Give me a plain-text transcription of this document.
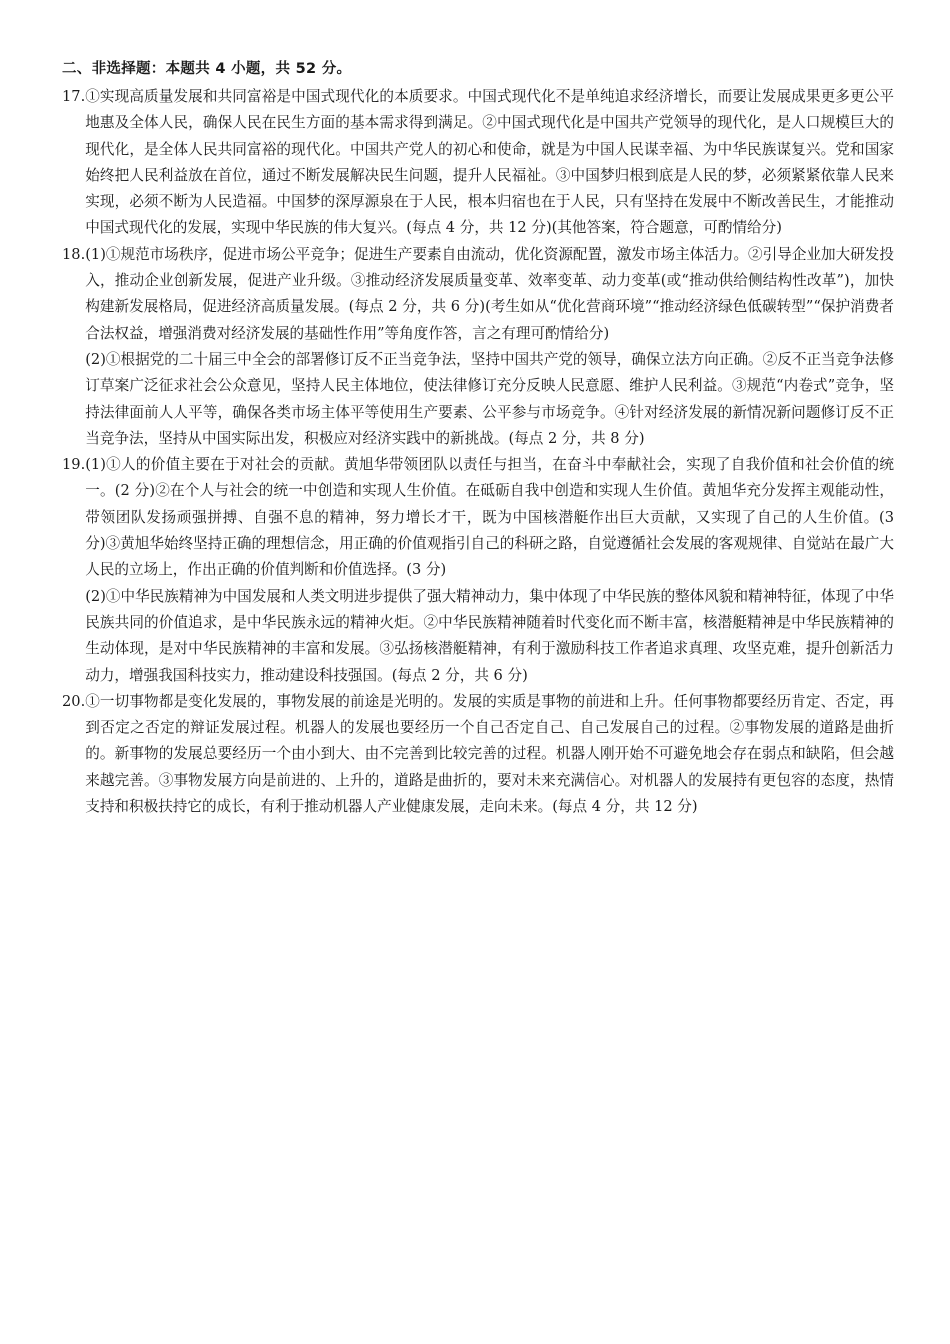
二、非选择题：本题共 4 小题，共 52 分。
17. ①实现高质量发展和共同富裕是中国式现代化的本质要求。中国式现代化不是单纯追求经济增长，而要让发展成果更多更公平地惠及全体人民，确保人民在民生方面的基本需求得到满足。②中国式现代化是中国共产党领导的现代化，是人口规模巨大的现代化，是全体人民共同富裕的现代化。中国共产党人的初心和使命，就是为中国人民谋幸福、为中华民族谋复兴。党和国家始终把人民利益放在首位，通过不断发展解决民生问题，提升人民福祉。③中国梦归根到底是人民的梦，必须紧紧依靠人民来实现，必须不断为人民造福。中国梦的深厚源泉在于人民，根本归宿也在于人民，只有坚持在发展中不断改善民生，才能推动中国式现代化的发展，实现中华民族的伟大复兴。(每点 4 分，共 12 分)(其他答案，符合题意，可酌情给分)

18. (1)①规范市场秩序，促进市场公平竞争；促进生产要素自由流动，优化资源配置，激发市场主体活力。②引导企业加大研发投入，推动企业创新发展，促进产业升级。③推动经济发展质量变革、效率变革、动力变革(或“推动供给侧结构性改革”)，加快构建新发展格局，促进经济高质量发展。(每点 2 分，共 6 分)(考生如从“优化营商环境”“推动经济绿色低碳转型”“保护消费者合法权益，增强消费对经济发展的基础性作用”等角度作答，言之有理可酌情给分)

(2)①根据党的二十届三中全会的部署修订反不正当竞争法，坚持中国共产党的领导，确保立法方向正确。②反不正当竞争法修订草案广泛征求社会公众意见，坚持人民主体地位，使法律修订充分反映人民意愿、维护人民利益。③规范“内卷式”竞争，坚持法律面前人人平等，确保各类市场主体平等使用生产要素、公平参与市场竞争。④针对经济发展的新情况新问题修订反不正当竞争法，坚持从中国实际出发，积极应对经济实践中的新挑战。(每点 2 分，共 8 分)

19. (1)①人的价值主要在于对社会的贡献。黄旭华带领团队以责任与担当，在奋斗中奉献社会，实现了自我价值和社会价值的统一。(2 分)②在个人与社会的统一中创造和实现人生价值。在砥砺自我中创造和实现人生价值。黄旭华充分发挥主观能动性，带领团队发扬顽强拼搏、自强不息的精神，努力增长才干，既为中国核潜艇作出巨大贡献，又实现了自己的人生价值。(3 分)③黄旭华始终坚持正确的理想信念，用正确的价值观指引自己的科研之路，自觉遵循社会发展的客观规律、自觉站在最广大人民的立场上，作出正确的价值判断和价值选择。(3 分)

(2)①中华民族精神为中国发展和人类文明进步提供了强大精神动力，集中体现了中华民族的整体风貌和精神特征，体现了中华民族共同的价值追求，是中华民族永远的精神火炬。②中华民族精神随着时代变化而不断丰富，核潜艇精神是中华民族精神的生动体现，是对中华民族精神的丰富和发展。③弘扬核潜艇精神，有利于激励科技工作者追求真理、攻坚克难，提升创新活力动力，增强我国科技实力，推动建设科技强国。(每点 2 分，共 6 分)

20. ①一切事物都是变化发展的，事物发展的前途是光明的。发展的实质是事物的前进和上升。任何事物都要经历肯定、否定，再到否定之否定的辩证发展过程。机器人的发展也要经历一个自己否定自己、自己发展自己的过程。②事物发展的道路是曲折的。新事物的发展总要经历一个由小到大、由不完善到比较完善的过程。机器人刚开始不可避免地会存在弱点和缺陷，但会越来越完善。③事物发展方向是前进的、上升的，道路是曲折的，要对未来充满信心。对机器人的发展持有更包容的态度，热情支持和积极扶持它的成长，有利于推动机器人产业健康发展，走向未来。(每点 4 分，共 12 分)
